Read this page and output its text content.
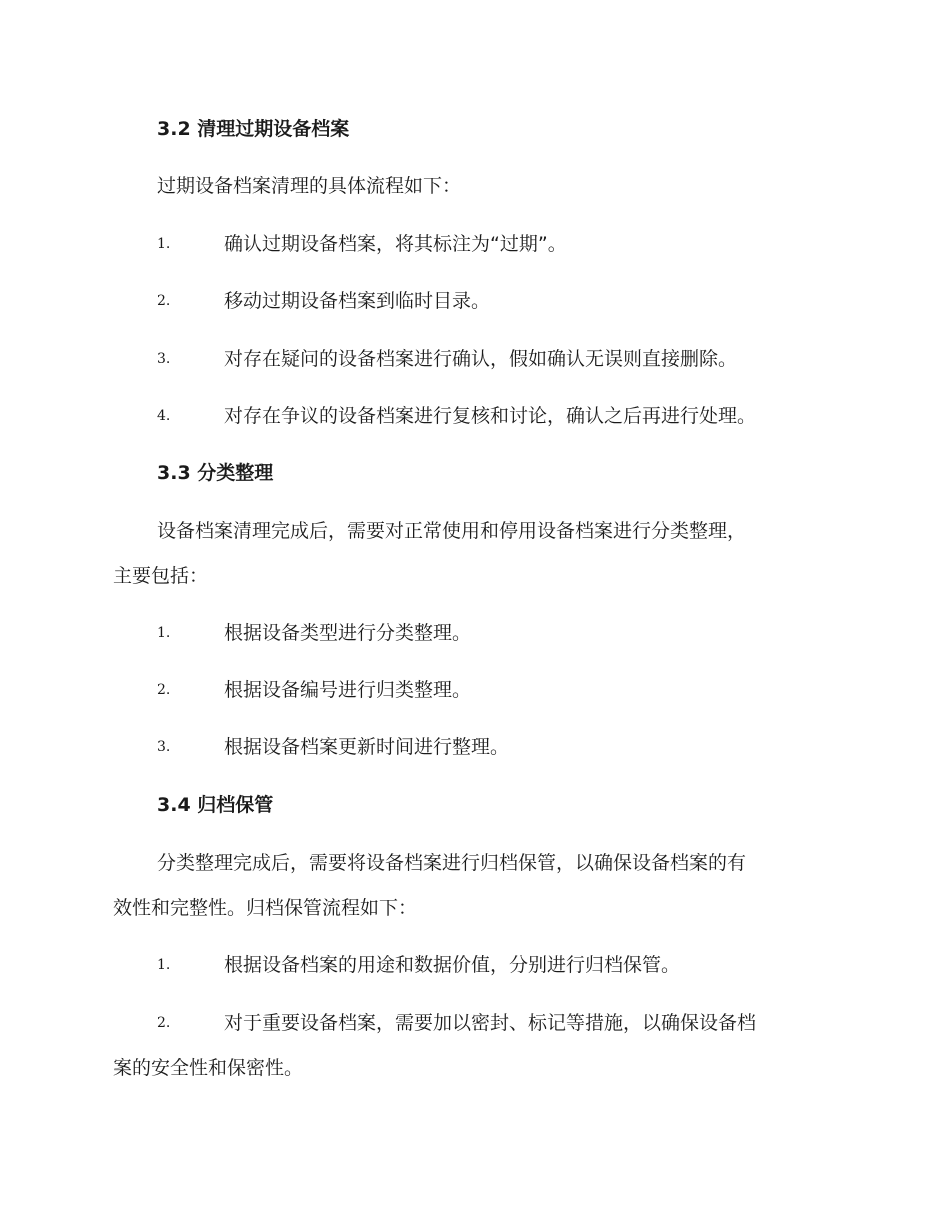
3.2 清理过期设备档案
过期设备档案清理的具体流程如下：
1.	确认过期设备档案，将其标注为“过期”。
2.	移动过期设备档案到临时目录。
3.	对存在疑问的设备档案进行确认，假如确认无误则直接删除。
4.	对存在争议的设备档案进行复核和讨论，确认之后再进行处理。
3.3 分类整理
设备档案清理完成后，需要对正常使用和停用设备档案进行分类整理，
主要包括：
1.	根据设备类型进行分类整理。
2.	根据设备编号进行归类整理。
3.	根据设备档案更新时间进行整理。
3.4 归档保管
分类整理完成后，需要将设备档案进行归档保管，以确保设备档案的有
效性和完整性。归档保管流程如下：
1.	根据设备档案的用途和数据价值，分别进行归档保管。
2.	对于重要设备档案，需要加以密封、标记等措施，以确保设备档
案的安全性和保密性。
